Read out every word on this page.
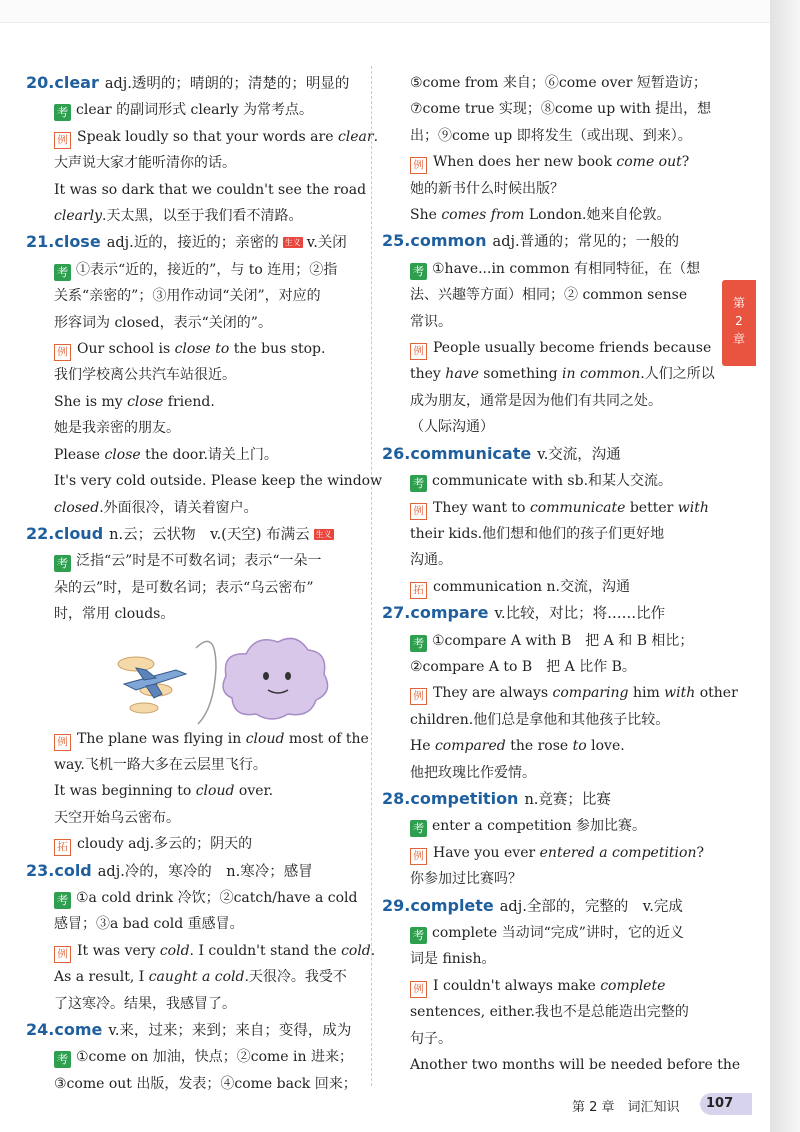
20.clear adj.透明的；晴朗的；清楚的；明显的
考 clear 的副词形式 clearly 为常考点。
例 Speak loudly so that your words are clear.
大声说大家才能听清你的话。
It was so dark that we couldn't see the road
clearly.天太黑，以至于我们看不清路。
21.close adj.近的，接近的；亲密的 生义 v.关闭
考 ①表示“近的，接近的”，与 to 连用；②指
关系“亲密的”；③用作动词“关闭”，对应的
形容词为 closed，表示“关闭的”。
例 Our school is close to the bus stop.
我们学校离公共汽车站很近。
She is my close friend.
她是我亲密的朋友。
Please close the door.请关上门。
It's very cold outside. Please keep the window
closed.外面很冷，请关着窗户。
22.cloud n.云；云状物　v.(天空) 布满云 生义
考 泛指“云”时是不可数名词；表示“一朵一
朵的云”时，是可数名词；表示“乌云密布”
时，常用 clouds。
例 The plane was flying in cloud most of the
way.飞机一路大多在云层里飞行。
It was beginning to cloud over.
天空开始乌云密布。
拓 cloudy adj.多云的；阴天的
23.cold adj.冷的，寒冷的　n.寒冷；感冒
考 ①a cold drink 冷饮；②catch/have a cold
感冒；③a bad cold 重感冒。
例 It was very cold. I couldn't stand the cold.
As a result, I caught a cold.天很冷。我受不
了这寒冷。结果，我感冒了。
24.come v.来，过来；来到；来自；变得，成为
考 ①come on 加油，快点；②come in 进来；
③come out 出版，发表；④come back 回来；
⑤come from 来自；⑥come over 短暂造访；
⑦come true 实现；⑧come up with 提出，想
出；⑨come up 即将发生（或出现、到来）。
例 When does her new book come out?
她的新书什么时候出版？
She comes from London.她来自伦敦。
25.common adj.普通的；常见的；一般的
考 ①have...in common 有相同特征，在（想
法、兴趣等方面）相同；② common sense
常识。
例 People usually become friends because
they have something in common.人们之所以
成为朋友，通常是因为他们有共同之处。
（人际沟通）
26.communicate v.交流，沟通
考 communicate with sb.和某人交流。
例 They want to communicate better with
their kids.他们想和他们的孩子们更好地
沟通。
拓 communication n.交流，沟通
27.compare v.比较，对比；将……比作
考 ①compare A with B　把 A 和 B 相比；
②compare A to B　把 A 比作 B。
例 They are always comparing him with other
children.他们总是拿他和其他孩子比较。
He compared the rose to love.
他把玫瑰比作爱情。
28.competition n.竞赛；比赛
考 enter a competition 参加比赛。
例 Have you ever entered a competition?
你参加过比赛吗？
29.complete adj.全部的，完整的　v.完成
考 complete 当动词“完成”讲时，它的近义
词是 finish。
例 I couldn't always make complete
sentences, either.我也不是总能造出完整的
句子。
Another two months will be needed before the
第
2
章
第 2 章　词汇知识	107
